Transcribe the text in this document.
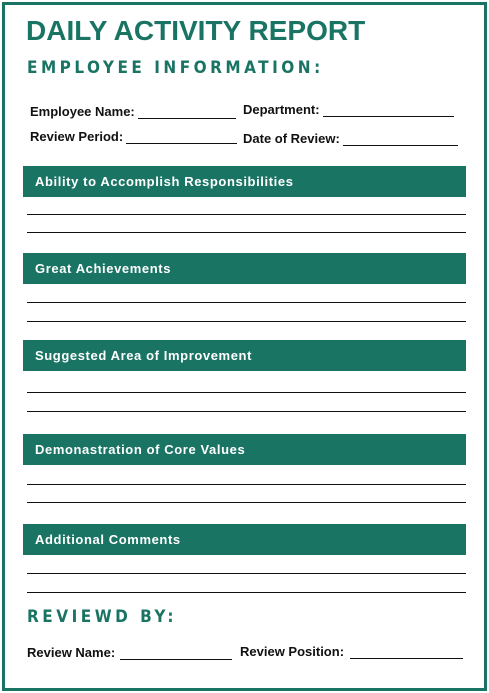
DAILY ACTIVITY REPORT
EMPLOYEE INFORMATION:
Employee Name:	Department:
Review Period:	Date of Review:
Ability to Accomplish Responsibilities
Great Achievements
Suggested Area of Improvement
Demonastration of Core Values
Additional Comments
REVIEWD BY:
Review Name:	Review Position:
